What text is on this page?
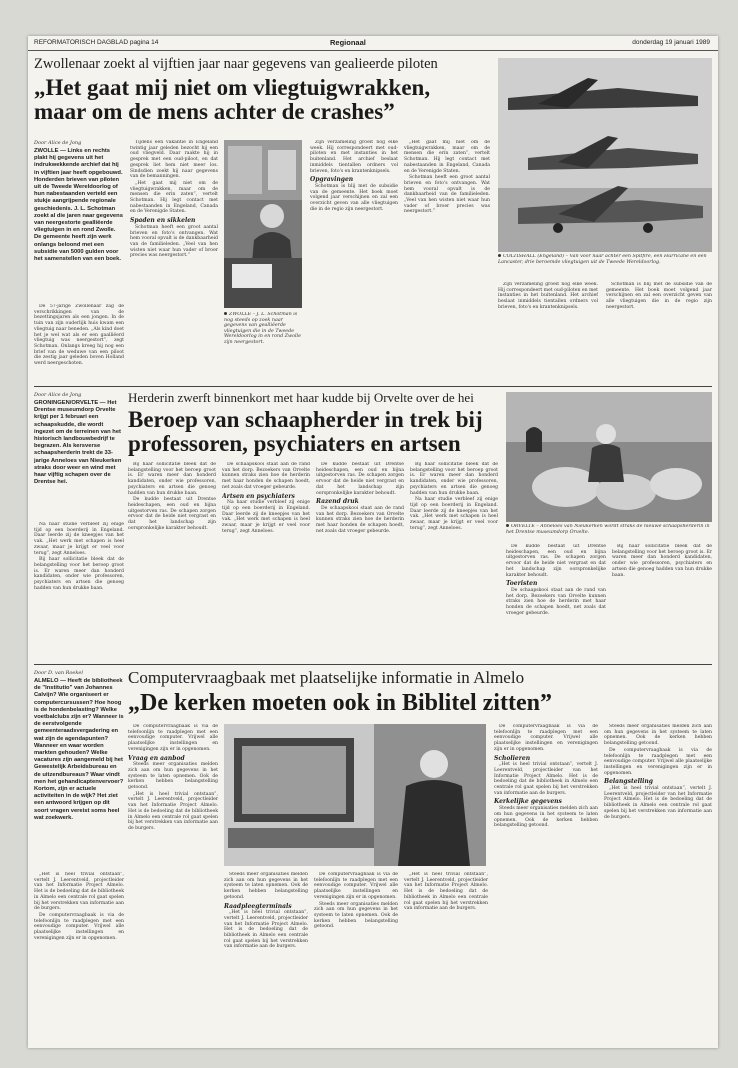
REFORMATORISCH DAGBLAD pagina 14	Regionaal	donderdag 19 januari 1989
Zwollenaar zoekt al vijftien jaar naar gegevens van gealieerde piloten
„Het gaat mij niet om vliegtuigwrakken,
maar om de mens achter de crashes”
Door Alice de Jong
ZWOLLE — Links en rechts plakt hij gegevens uit het indrukwekkende archief dat hij in vijftien jaar heeft opgebouwd. Honderden brieven van piloten uit de Tweede Wereldoorlog of hun nabestaanden verteld een stukje aangrijpende regionale geschiedenis. J. L. Schotman zoekt al die jaren naar gegevens van neergestorte gealliëerde vliegtuigen in en rond Zwolle. De gemeente heeft zijn werk onlangs beloond met een subsidie van 5000 gulden voor het samenstellen van een boek.

De 57-jarige Zwollenaar zag de verschrikkingen van de bezettingsjaren als een jongen. In de tuin van zijn ouderlijk huis kwam een vliegtuig naar beneden. „Als kind doet het je wel wat als er een gaalliëerd vliegtuig was neergestort”, zegt Schotman. Onlangs kreeg hij nog een brief van de weduwe van een piloot die zestig jaar geleden boven Holland werd neergeschoten.

Tijdens een vakantie in Engeland twintig jaar geleden bezocht hij een oud vliegveld. Daar raakte hij in gesprek met een oud-piloot, en dat gesprek liet hem niet meer los. Sindsdien zoekt hij naar gegevens van de bemanningen.

„Het gaat mij niet om de vliegtuigwrakken, maar om de mensen die erin zaten”, vertelt Schotman. Hij legt contact met nabestaanden in Engeland, Canada en de Verenigde Staten.

Spaden en sikkelen

Schotman heeft een groot aantal brieven en foto's ontvangen. Wat hem vooral opvalt is de dankbaarheid van de familieleden. „Veel van hen wisten niet waar hun vader of broer precies was neergestort.”

ZWOLLE – J. L. Schotman is nog steeds op zoek naar gegevens van gealliëerde vliegtuigen die in de Tweede Wereldoorlog in en rond Zwolle zijn neergestort.

Zijn verzameling groeit nog elke week. Hij correspondeert met oud-piloten en met instanties in het buitenland. Het archief beslaat inmiddels tientallen ordners vol brieven, foto's en krantenknipsels.

Opgravingen

Schotman is blij met de subsidie van de gemeente. Het boek moet volgend jaar verschijnen en zal een overzicht geven van alle vliegtuigen die in de regio zijn neergestort.

„Het gaat mij niet om de vliegtuigwrakken, maar om de mensen die erin zaten”, vertelt Schotman. Hij legt contact met nabestaanden in Engeland, Canada en de Verenigde Staten.

Schotman heeft een groot aantal brieven en foto's ontvangen. Wat hem vooral opvalt is de dankbaarheid van de familieleden. „Veel van hen wisten niet waar hun vader of broer precies was neergestort.”

COLTISHALL (Engeland) – Van voor naar achter een Spitfire, een Hurricane en een Lancaster, drie beroemde vliegtuigen uit de Tweede Wereldoorlog.

Zijn verzameling groeit nog elke week. Hij correspondeert met oud-piloten en met instanties in het buitenland. Het archief beslaat inmiddels tientallen ordners vol brieven, foto's en krantenknipsels.

Schotman is blij met de subsidie van de gemeente. Het boek moet volgend jaar verschijnen en zal een overzicht geven van alle vliegtuigen die in de regio zijn neergestort.

Door Alice de Jong
GRONINGEN/ORVELTE — Het Drentse museumdorp Orvelte krijgt per 1 februari een schaapskudde, die wordt ingezet om de terreinen van het historisch landbouwbedrijf te begrazen. Als kersverse schaapsherderin trekt de 33-jarige Anneloes van Nieukerken straks door weer en wind met haar vijftig schapen over de Drentse hei.

Na haar studie verbleef zij enige tijd op een boerderij in Engeland. Daar leerde zij de kneepjes van het vak. „Het werk met schapen is heel zwaar, maar je krijgt er veel voor terug”, zegt Anneloes.

Bij haar sollicitatie bleek dat de belangstelling voor het beroep groot is. Er waren meer dan honderd kandidaten, onder wie professoren, psychiaters en artsen die genoeg hadden van hun drukke baan.

Herderin zwerft binnenkort met haar kudde bij Orvelte over de hei
Beroep van schaapherder in trek bij
professoren, psychiaters en artsen

Bij haar sollicitatie bleek dat de belangstelling voor het beroep groot is. Er waren meer dan honderd kandidaten, onder wie professoren, psychiaters en artsen die genoeg hadden van hun drukke baan.

De kudde bestaat uit Drentse heideschapen, een oud en bijna uitgestorven ras. De schapen zorgen ervoor dat de heide niet vergrast en dat het landschap zijn oorspronkelijke karakter behoudt.

De schaapskooi staat aan de rand van het dorp. Bezoekers van Orvelte kunnen straks zien hoe de herderin met haar honden de schapen hoedt, net zoals dat vroeger gebeurde.

Artsen en psychiaters

Na haar studie verbleef zij enige tijd op een boerderij in Engeland. Daar leerde zij de kneepjes van het vak. „Het werk met schapen is heel zwaar, maar je krijgt er veel voor terug”, zegt Anneloes.

De kudde bestaat uit Drentse heideschapen, een oud en bijna uitgestorven ras. De schapen zorgen ervoor dat de heide niet vergrast en dat het landschap zijn oorspronkelijke karakter behoudt.

Razend druk

De schaapskooi staat aan de rand van het dorp. Bezoekers van Orvelte kunnen straks zien hoe de herderin met haar honden de schapen hoedt, net zoals dat vroeger gebeurde.

Bij haar sollicitatie bleek dat de belangstelling voor het beroep groot is. Er waren meer dan honderd kandidaten, onder wie professoren, psychiaters en artsen die genoeg hadden van hun drukke baan.

Na haar studie verbleef zij enige tijd op een boerderij in Engeland. Daar leerde zij de kneepjes van het vak. „Het werk met schapen is heel zwaar, maar je krijgt er veel voor terug”, zegt Anneloes.	ORVELTE – Anneloes van Nieukerken wordt straks de nieuwe schaapsherderin in het Drentse museumdorp Orvelte.

De kudde bestaat uit Drentse heideschapen, een oud en bijna uitgestorven ras. De schapen zorgen ervoor dat de heide niet vergrast en dat het landschap zijn oorspronkelijke karakter behoudt.

Toeristen

De schaapskooi staat aan de rand van het dorp. Bezoekers van Orvelte kunnen straks zien hoe de herderin met haar honden de schapen hoedt, net zoals dat vroeger gebeurde.

Bij haar sollicitatie bleek dat de belangstelling voor het beroep groot is. Er waren meer dan honderd kandidaten, onder wie professoren, psychiaters en artsen die genoeg hadden van hun drukke baan.

Door D. van Roekel
ALMELO — Heeft de bibliotheek de "Institutio" van Johannes Calvijn? Wie organiseert er computercursussen? Hoe hoog is de hondenbelasting? Welke voetbalclubs zijn er? Wanneer is de eerstvolgende gemeenteraadsvergadering en wat zijn de agendapunten? Wanneer en waar worden markten gehouden? Welke vacatures zijn aangemeld bij het Gewestelijk Arbeidsbureau en de uitzendbureaus? Waar vindt men het gehandicaptenvervoer? Kortom, zijn er actuele activiteiten in de wijk? Het ziet een antwoord krijgen op dit soort vragen vereist soms heel wat zoekwerk.

„Het is heel trivial ontstaan”, vertelt J. Leerentveld, projectleider van het Informatie Project Almelo. Het is de bedoeling dat de bibliotheek in Almelo een centrale rol gaat spelen bij het verstrekken van informatie aan de burgers.

De computervraagbaak is via de telefoonlijn te raadplegen met een eenvoudige computer. Vrijwel alle plaatselijke instellingen en verenigingen zijn er in opgenomen.

Computervraagbaak met plaatselijke informatie in Almelo
„De kerken moeten ook in Biblitel zitten”

De computervraagbaak is via de telefoonlijn te raadplegen met een eenvoudige computer. Vrijwel alle plaatselijke instellingen en verenigingen zijn er in opgenomen.

Vraag en aanbod

Steeds meer organisaties melden zich aan om hun gegevens in het systeem te laten opnemen. Ook de kerken hebben belangstelling getoond.

„Het is heel trivial ontstaan”, vertelt J. Leerentveld, projectleider van het Informatie Project Almelo. Het is de bedoeling dat de bibliotheek in Almelo een centrale rol gaat spelen bij het verstrekken van informatie aan de burgers.

Steeds meer organisaties melden zich aan om hun gegevens in het systeem te laten opnemen. Ook de kerken hebben belangstelling getoond.

Raadpleegterminals

„Het is heel trivial ontstaan”, vertelt J. Leerentveld, projectleider van het Informatie Project Almelo. Het is de bedoeling dat de bibliotheek in Almelo een centrale rol gaat spelen bij het verstrekken van informatie aan de burgers.

De computervraagbaak is via de telefoonlijn te raadplegen met een eenvoudige computer. Vrijwel alle plaatselijke instellingen en verenigingen zijn er in opgenomen.

Steeds meer organisaties melden zich aan om hun gegevens in het systeem te laten opnemen. Ook de kerken hebben belangstelling getoond.

„Het is heel trivial ontstaan”, vertelt J. Leerentveld, projectleider van het Informatie Project Almelo. Het is de bedoeling dat de bibliotheek in Almelo een centrale rol gaat spelen bij het verstrekken van informatie aan de burgers.

De computervraagbaak is via de telefoonlijn te raadplegen met een eenvoudige computer. Vrijwel alle plaatselijke instellingen en verenigingen zijn er in opgenomen.

Scholieren

„Het is heel trivial ontstaan”, vertelt J. Leerentveld, projectleider van het Informatie Project Almelo. Het is de bedoeling dat de bibliotheek in Almelo een centrale rol gaat spelen bij het verstrekken van informatie aan de burgers.

Kerkelijke gegevens

Steeds meer organisaties melden zich aan om hun gegevens in het systeem te laten opnemen. Ook de kerken hebben belangstelling getoond.

Steeds meer organisaties melden zich aan om hun gegevens in het systeem te laten opnemen. Ook de kerken hebben belangstelling getoond.

De computervraagbaak is via de telefoonlijn te raadplegen met een eenvoudige computer. Vrijwel alle plaatselijke instellingen en verenigingen zijn er in opgenomen.

Belangstelling

„Het is heel trivial ontstaan”, vertelt J. Leerentveld, projectleider van het Informatie Project Almelo. Het is de bedoeling dat de bibliotheek in Almelo een centrale rol gaat spelen bij het verstrekken van informatie aan de burgers.
